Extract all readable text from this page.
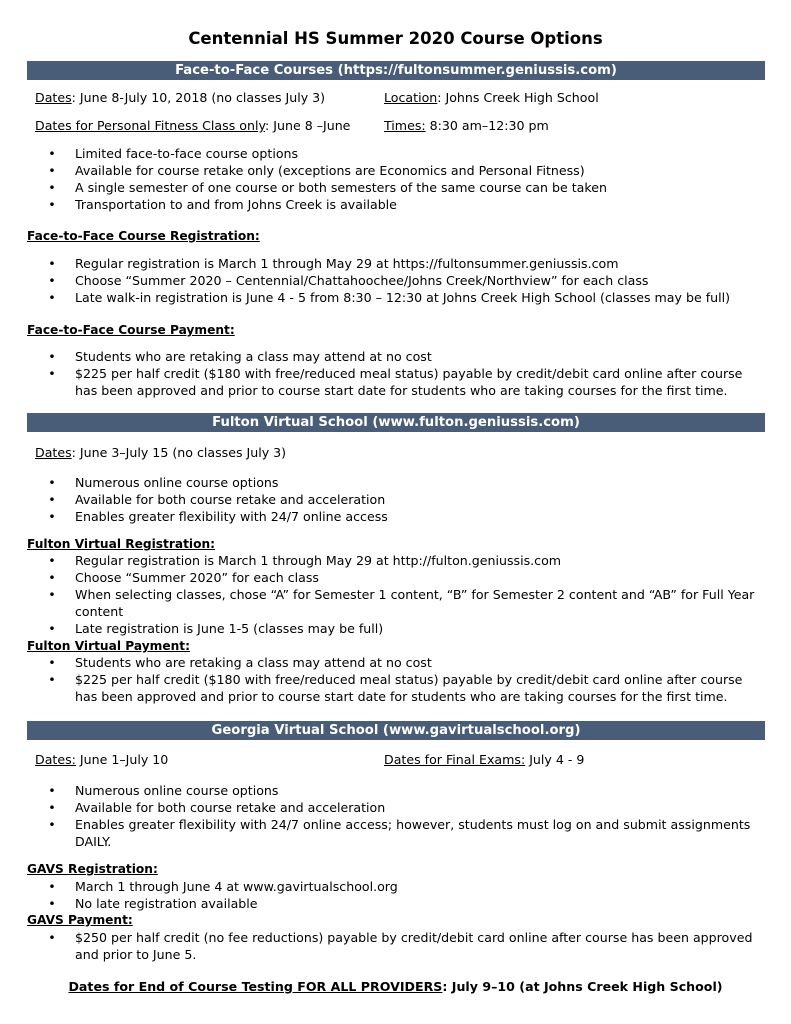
Centennial HS Summer 2020 Course Options
Face-to-Face Courses (https://fultonsummer.geniussis.com)
Dates: June 8-July 10, 2018 (no classes July 3)	Location: Johns Creek High School
Dates for Personal Fitness Class only: June 8 –June	Times: 8:30 am–12:30 pm
• Limited face-to-face course options
• Available for course retake only (exceptions are Economics and Personal Fitness)
• A single semester of one course or both semesters of the same course can be taken
• Transportation to and from Johns Creek is available
Face-to-Face Course Registration:
• Regular registration is March 1 through May 29 at https://fultonsummer.geniussis.com
• Choose “Summer 2020 – Centennial/Chattahoochee/Johns Creek/Northview” for each class
• Late walk-in registration is June 4 - 5 from 8:30 – 12:30 at Johns Creek High School (classes may be full)
Face-to-Face Course Payment:
• Students who are retaking a class may attend at no cost
• $225 per half credit ($180 with free/reduced meal status) payable by credit/debit card online after course has been approved and prior to course start date for students who are taking courses for the first time.
Fulton Virtual School (www.fulton.geniussis.com)
Dates: June 3–July 15 (no classes July 3)
• Numerous online course options
• Available for both course retake and acceleration
• Enables greater flexibility with 24/7 online access
Fulton Virtual Registration:
• Regular registration is March 1 through May 29 at http://fulton.geniussis.com
• Choose “Summer 2020” for each class
• When selecting classes, chose “A” for Semester 1 content, “B” for Semester 2 content and “AB” for Full Year content
• Late registration is June 1-5 (classes may be full)
Fulton Virtual Payment:
• Students who are retaking a class may attend at no cost
• $225 per half credit ($180 with free/reduced meal status) payable by credit/debit card online after course has been approved and prior to course start date for students who are taking courses for the first time.
Georgia Virtual School (www.gavirtualschool.org)
Dates: June 1–July 10	Dates for Final Exams: July 4 - 9
• Numerous online course options
• Available for both course retake and acceleration
• Enables greater flexibility with 24/7 online access; however, students must log on and submit assignments DAILY.
GAVS Registration:
• March 1 through June 4 at www.gavirtualschool.org
• No late registration available
GAVS Payment:
• $250 per half credit (no fee reductions) payable by credit/debit card online after course has been approved and prior to June 5.
Dates for End of Course Testing FOR ALL PROVIDERS: July 9–10 (at Johns Creek High School)
